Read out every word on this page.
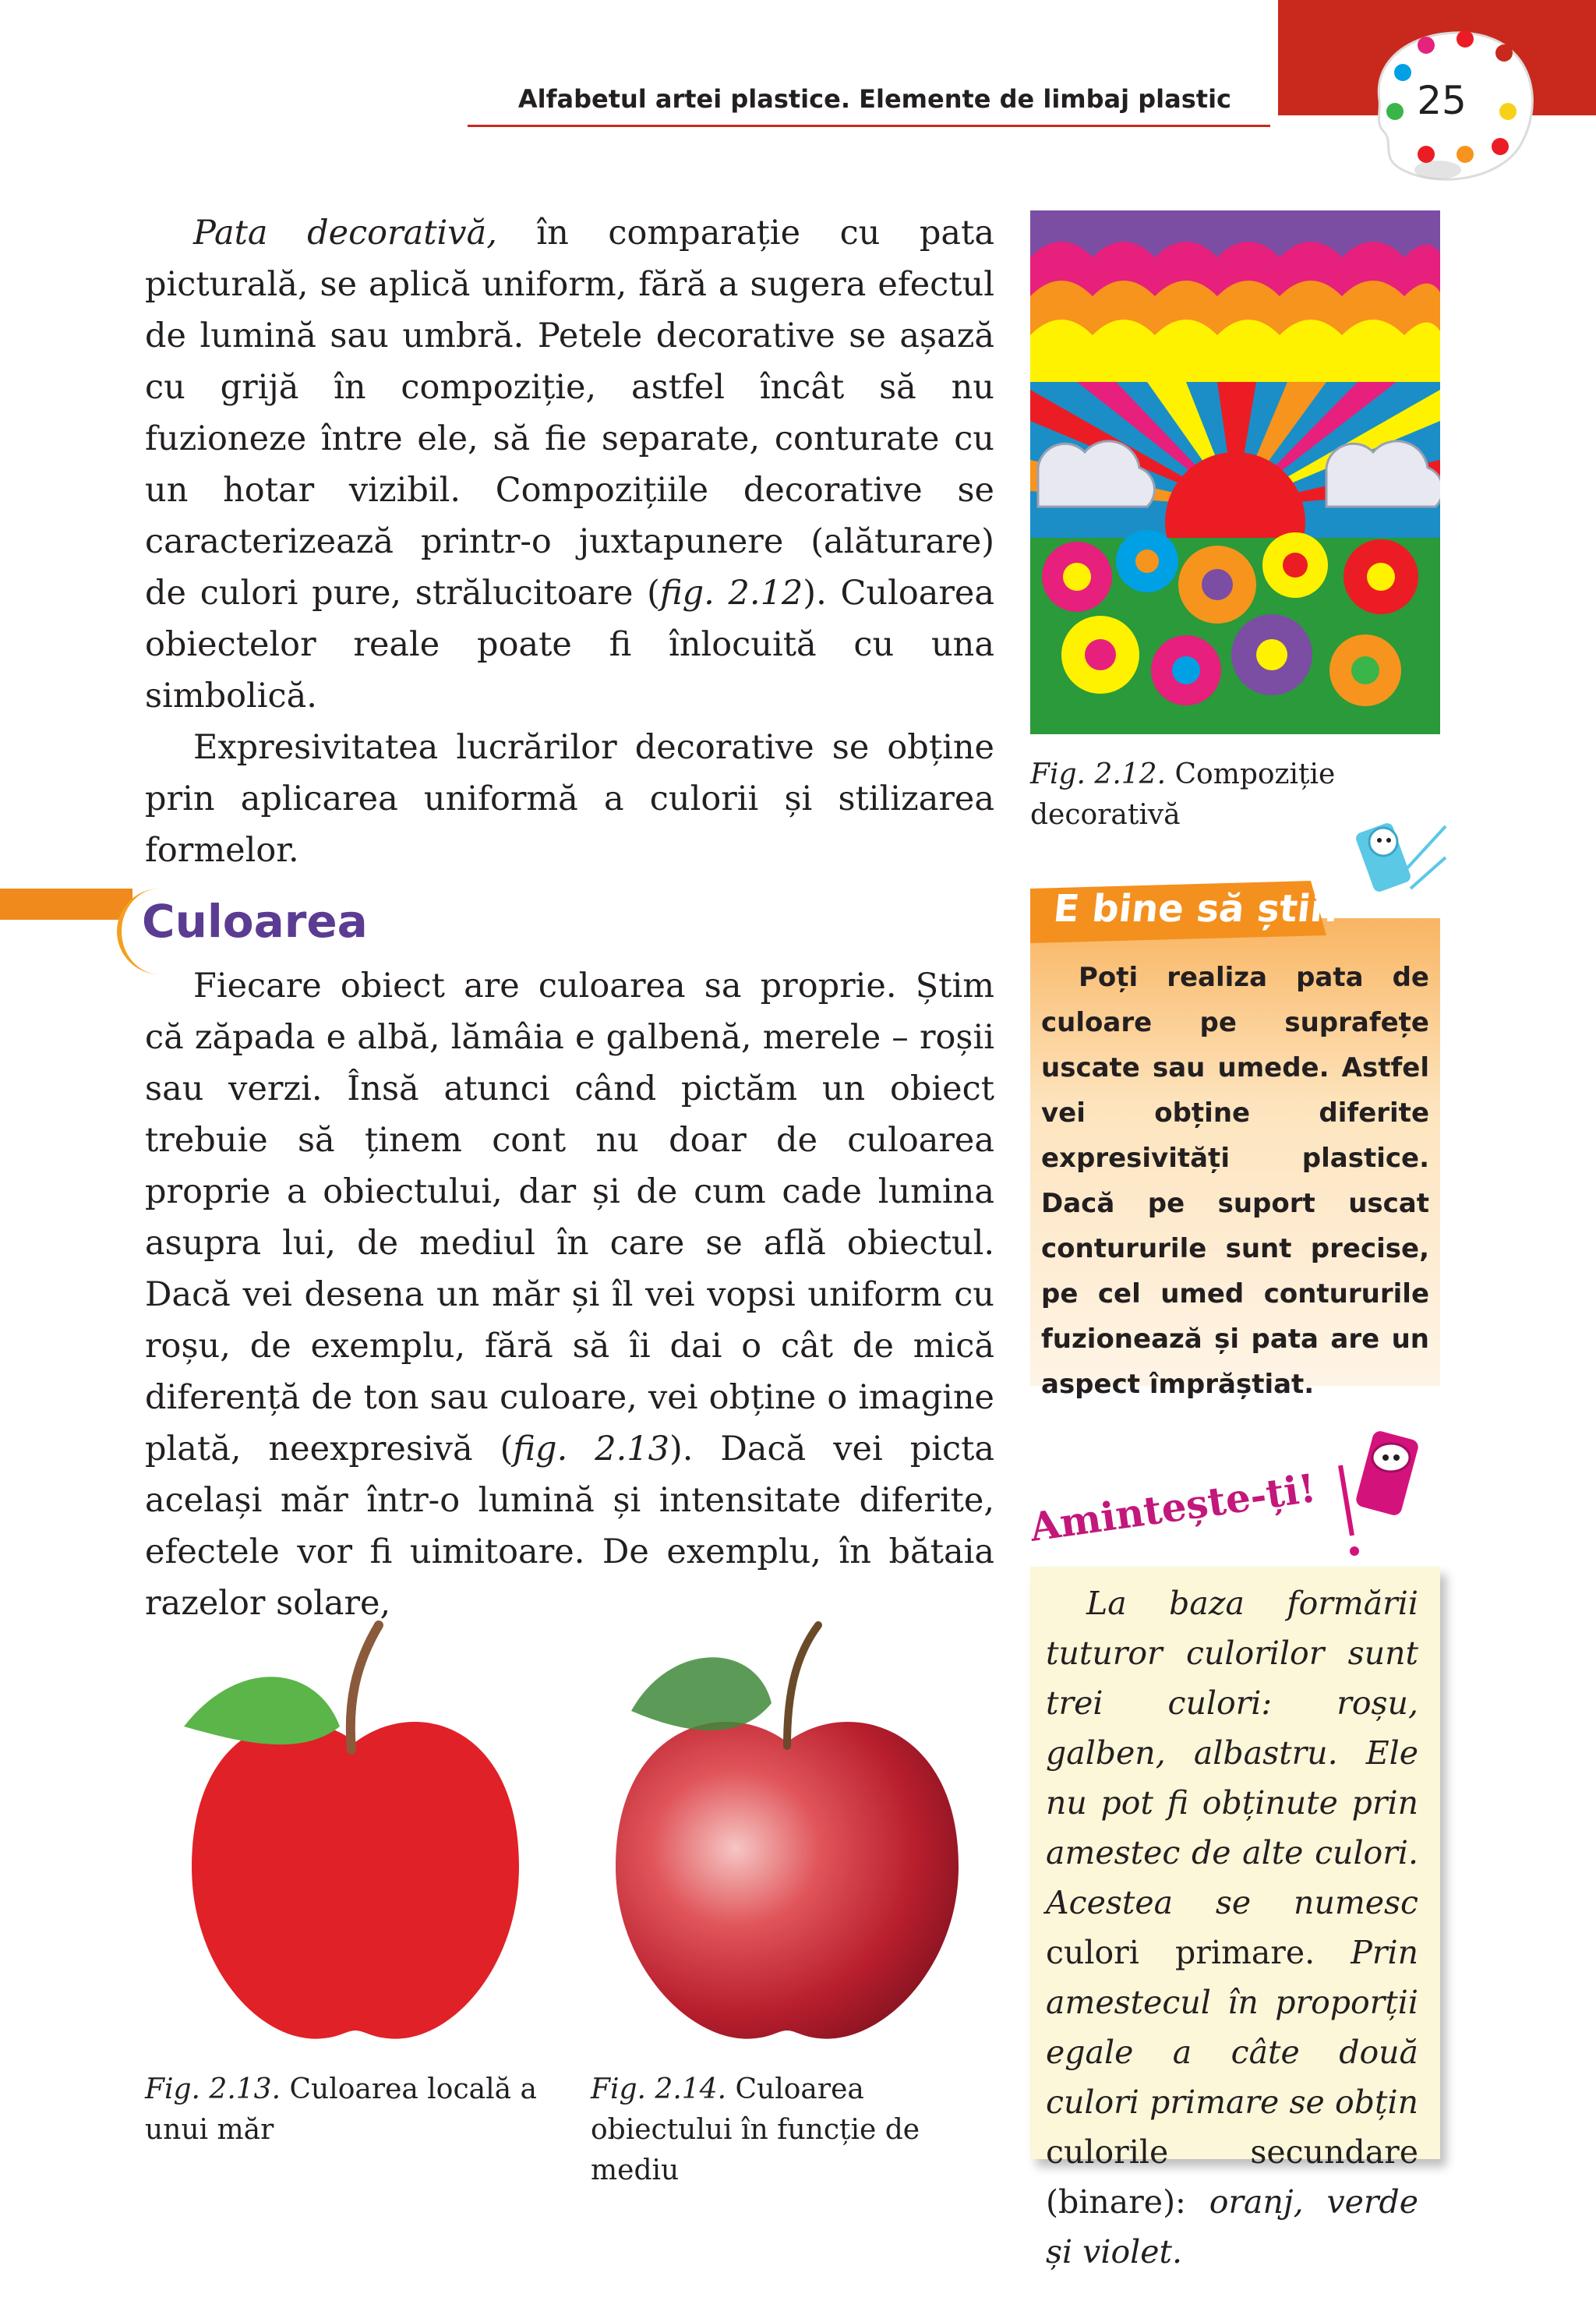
Alfabetul artei plastice. Elemente de limbaj plastic	25

Pata decorativă, în comparație cu pata picturală, se aplică uniform, fără a sugera efectul de lumină sau umbră. Petele decorative se așază cu grijă în compoziție, astfel încât să nu fuzioneze între ele, să fie separate, conturate cu un hotar vizibil. Compozițiile decorative se caracterizează printr-o juxtapunere (alăturare) de culori pure, strălucitoare (fig. 2.12). Culoarea obiectelor reale poate fi înlocuită cu una simbolică.

Expresivitatea lucrărilor decorative se obține prin aplicarea uniformă a culorii și stilizarea formelor.

Fig. 2.12. Compoziție decorativă
Culoarea

Fiecare obiect are culoarea sa proprie. Știm că zăpada e albă, lămâia e galbenă, merele – roșii sau verzi. Însă atunci când pictăm un obiect trebuie să ținem cont nu doar de culoarea proprie a obiectului, dar și de cum cade lumina asupra lui, de mediul în care se află obiectul. Dacă vei desena un măr și îl vei vopsi uniform cu roșu, de exemplu, fără să îi dai o cât de mică diferență de ton sau culoare, vei obține o imagine plată, neexpresivă (fig. 2.13). Dacă vei picta același măr într-o lumină și intensitate diferite, efectele vor fi uimitoare. De exemplu, în bătaia razelor solare,

Fig. 2.13. Culoarea locală a unui măr
Fig. 2.14. Culoarea obiectului în funcție de mediu
E bine să știi!

Poți realiza pata de culoare pe suprafețe uscate sau umede. Astfel vei obține diferite expresivități plastice. Dacă pe suport uscat contururile sunt precise, pe cel umed contururile fuzionează și pata are un aspect împrăștiat.

Amintește-ți!

La baza formării tuturor culorilor sunt trei culori: roșu, galben, albastru. Ele nu pot fi obținute prin amestec de alte culori. Acestea se numesc culori primare. Prin amestecul în proporții egale a câte două culori primare se obțin culorile secundare (binare): oranj, verde și violet.
